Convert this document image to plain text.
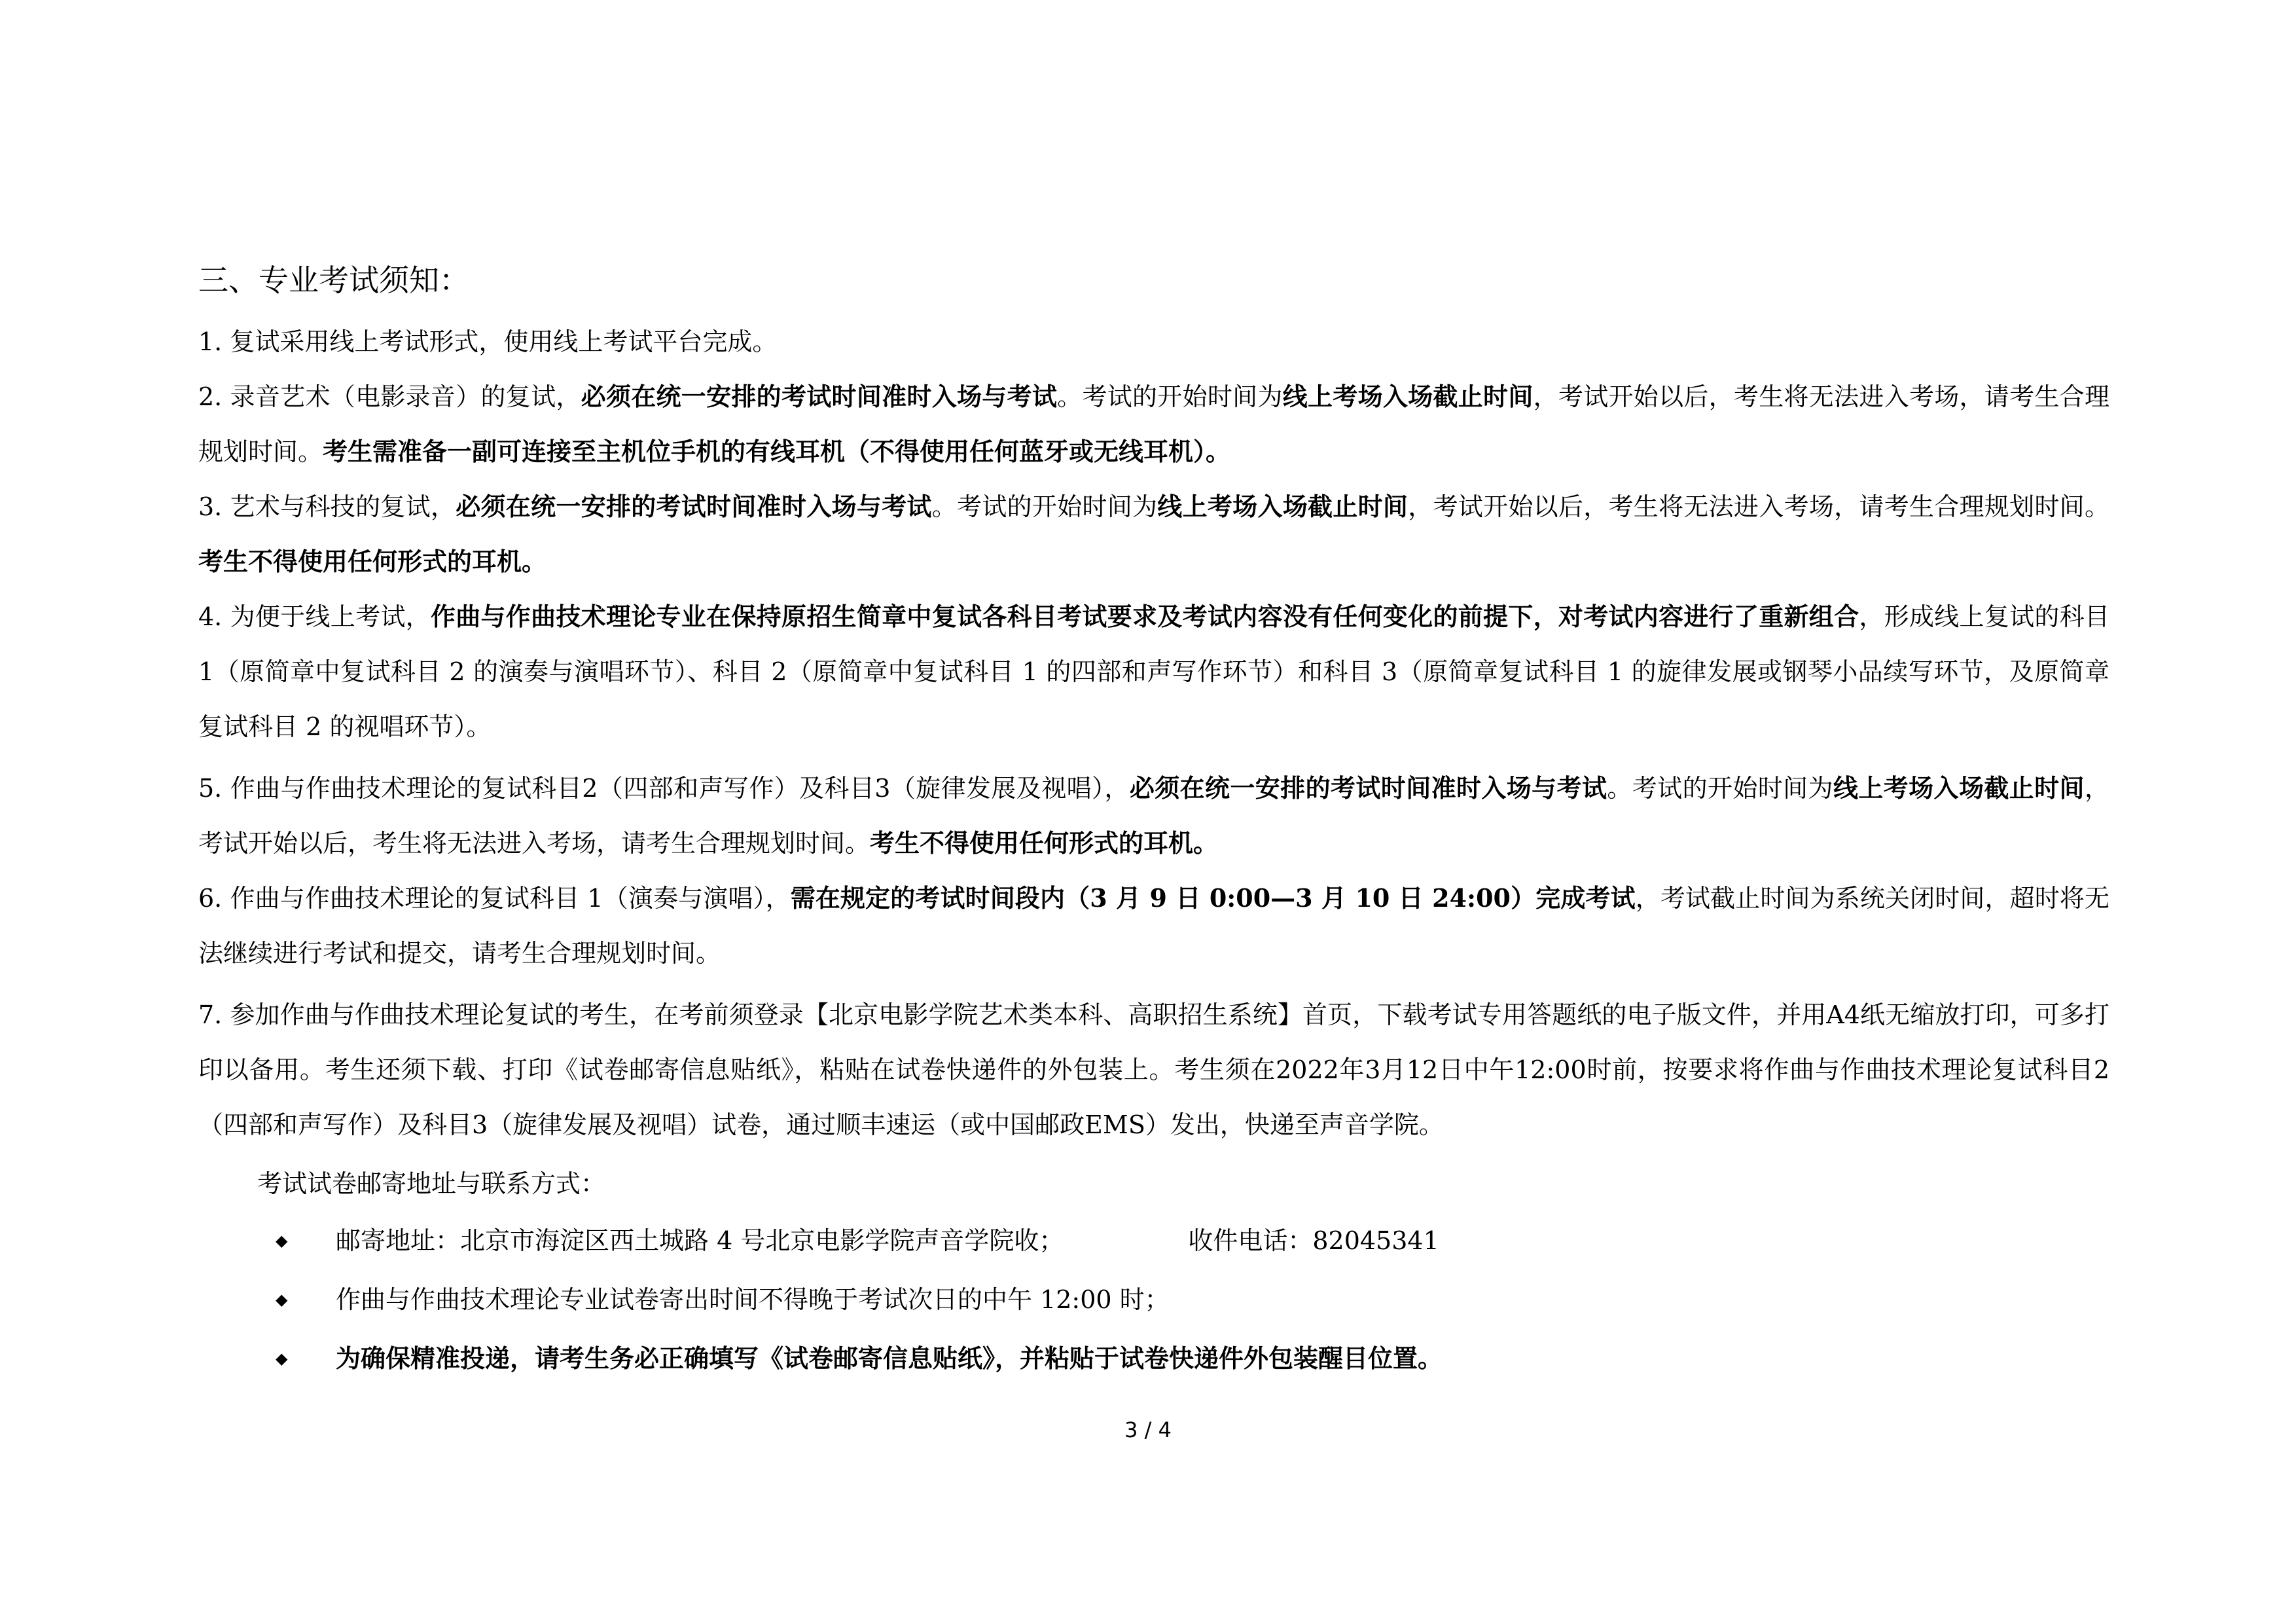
三、专业考试须知：

1. 复试采用线上考试形式，使用线上考试平台完成。

2. 录音艺术（电影录音）的复试，必须在统一安排的考试时间准时入场与考试。考试的开始时间为线上考场入场截止时间，考试开始以后，考生将无法进入考场，请考生合理规划时间。考生需准备一副可连接至主机位手机的有线耳机（不得使用任何蓝牙或无线耳机）。

3. 艺术与科技的复试，必须在统一安排的考试时间准时入场与考试。考试的开始时间为线上考场入场截止时间，考试开始以后，考生将无法进入考场，请考生合理规划时间。考生不得使用任何形式的耳机。

4. 为便于线上考试，作曲与作曲技术理论专业在保持原招生简章中复试各科目考试要求及考试内容没有任何变化的前提下，对考试内容进行了重新组合，形成线上复试的科目 1（原简章中复试科目 2 的演奏与演唱环节）、科目 2（原简章中复试科目 1 的四部和声写作环节）和科目 3（原简章复试科目 1 的旋律发展或钢琴小品续写环节，及原简章复试科目 2 的视唱环节）。

5. 作曲与作曲技术理论的复试科目2（四部和声写作）及科目3（旋律发展及视唱），必须在统一安排的考试时间准时入场与考试。考试的开始时间为线上考场入场截止时间，考试开始以后，考生将无法进入考场，请考生合理规划时间。考生不得使用任何形式的耳机。

6. 作曲与作曲技术理论的复试科目 1（演奏与演唱），需在规定的考试时间段内（3 月 9 日 0:00—3 月 10 日 24:00）完成考试，考试截止时间为系统关闭时间，超时将无法继续进行考试和提交，请考生合理规划时间。

7. 参加作曲与作曲技术理论复试的考生，在考前须登录【北京电影学院艺术类本科、高职招生系统】首页，下载考试专用答题纸的电子版文件，并用A4纸无缩放打印，可多打印以备用。考生还须下载、打印《试卷邮寄信息贴纸》，粘贴在试卷快递件的外包装上。考生须在2022年3月12日中午12:00时前，按要求将作曲与作曲技术理论复试科目2（四部和声写作）及科目3（旋律发展及视唱）试卷，通过顺丰速运（或中国邮政EMS）发出，快递至声音学院。

考试试卷邮寄地址与联系方式：
◆ 邮寄地址：北京市海淀区西土城路 4 号北京电影学院声音学院收；	收件电话：82045341
◆ 作曲与作曲技术理论专业试卷寄出时间不得晚于考试次日的中午 12:00 时；
◆ 为确保精准投递，请考生务必正确填写《试卷邮寄信息贴纸》，并粘贴于试卷快递件外包装醒目位置。
3 / 4
